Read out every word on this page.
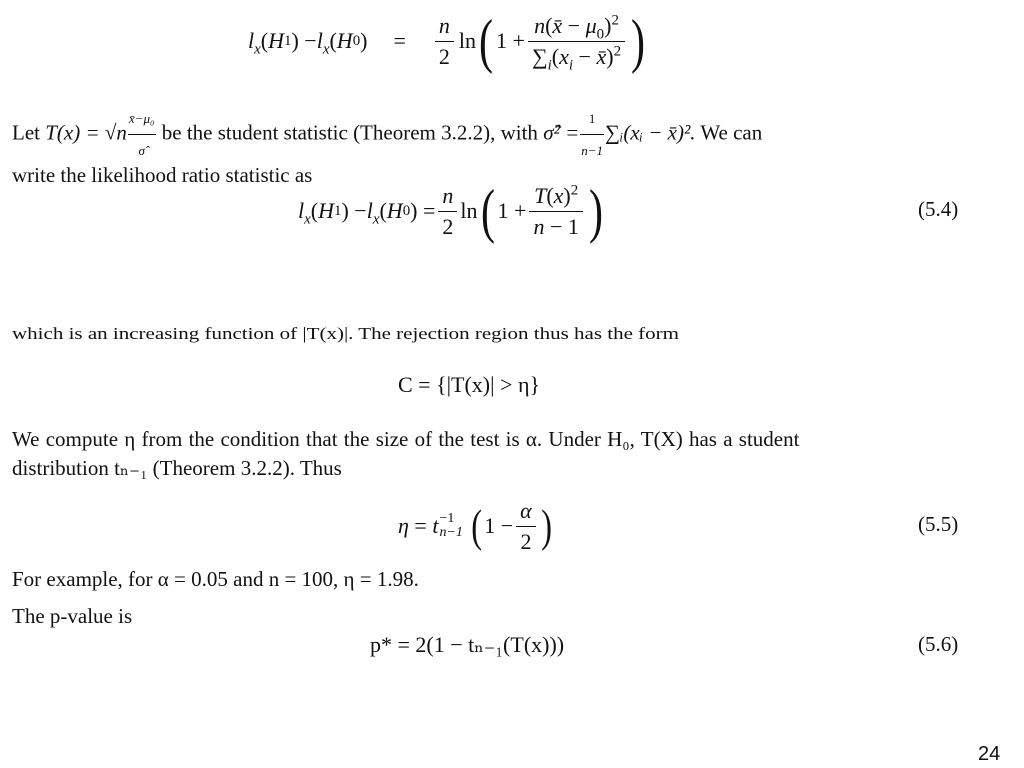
$l_x$ ( H 1 ) − $l_x$ ( H 0 ) = $\frac{n}{2}$ ln ( $1 + \frac{n(x̄ - \mu_0)^2}{\sum_i(x_i - x̄)^2}$ )
Let $T(x) = √n \frac{\text{x̄−μ₀}}{\sigmâ}$ be the student statistic (Theorem 3.2.2), with σ̂² = $\frac{1}{n-1}$ ∑ᵢ(xᵢ − x̄)². We can
write the likelihood ratio statistic as
$l_x$ ( H 1 ) − $l_x$ ( H 0 ) = $\frac{n}{2}$ ln ( $1 + \frac{T(x)^2}{n - 1}$ )	(5.4)
which is an increasing function of |T(x)|. The rejection region thus has the form
C = {|T(x)| > η}
We compute η from the condition that the size of the test is α. Under H₀, T(X) has a student
distribution tₙ₋₁ (Theorem 3.2.2). Thus
η = t −1
n−1 ( $1 - \frac{\alpha}{2}$ )	(5.5)
For example, for α = 0.05 and n = 100, η = 1.98.
The p-value is
p* = 2(1 − tₙ₋₁(T(x)))	(5.6)
24
